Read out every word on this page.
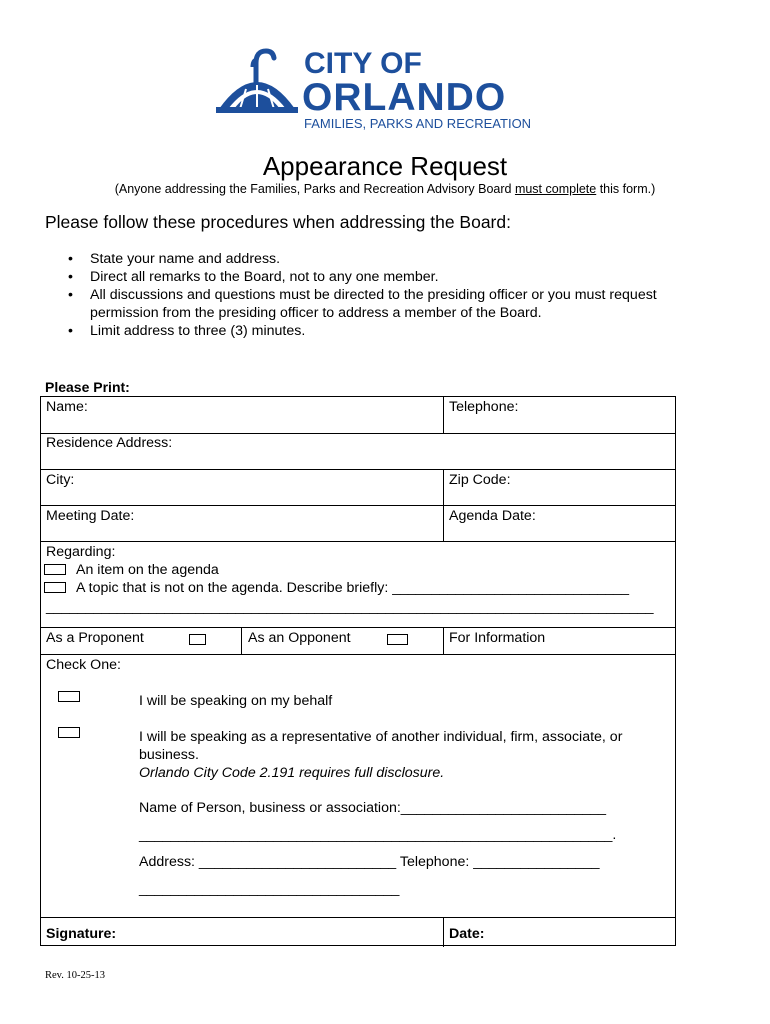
CITY OF
ORLANDO
FAMILIES, PARKS AND RECREATION
Appearance Request
(Anyone addressing the Families, Parks and Recreation Advisory Board must complete this form.)
Please follow these procedures when addressing the Board:
• State your name and address.
• Direct all remarks to the Board, not to any one member.
• All discussions and questions must be directed to the presiding officer or you must request permission from the presiding officer to address a member of the Board.
• Limit address to three (3) minutes.
Please Print:
Name:	Telephone:
Residence Address:
City:	Zip Code:
Meeting Date:	Agenda Date:
Regarding:
An item on the agenda
A topic that is not on the agenda. Describe briefly: ______________________________
_____________________________________________________________________________
As a Proponent	As an Opponent	For Information
Check One:
I will be speaking on my behalf
I will be speaking as a representative of another individual, firm, associate, or
business.
Orlando City Code 2.191 requires full disclosure.
Name of Person, business or association:__________________________
____________________________________________________________.
Address: _________________________ Telephone: ________________
_________________________________
Signature:	Date:
Rev. 10-25-13
